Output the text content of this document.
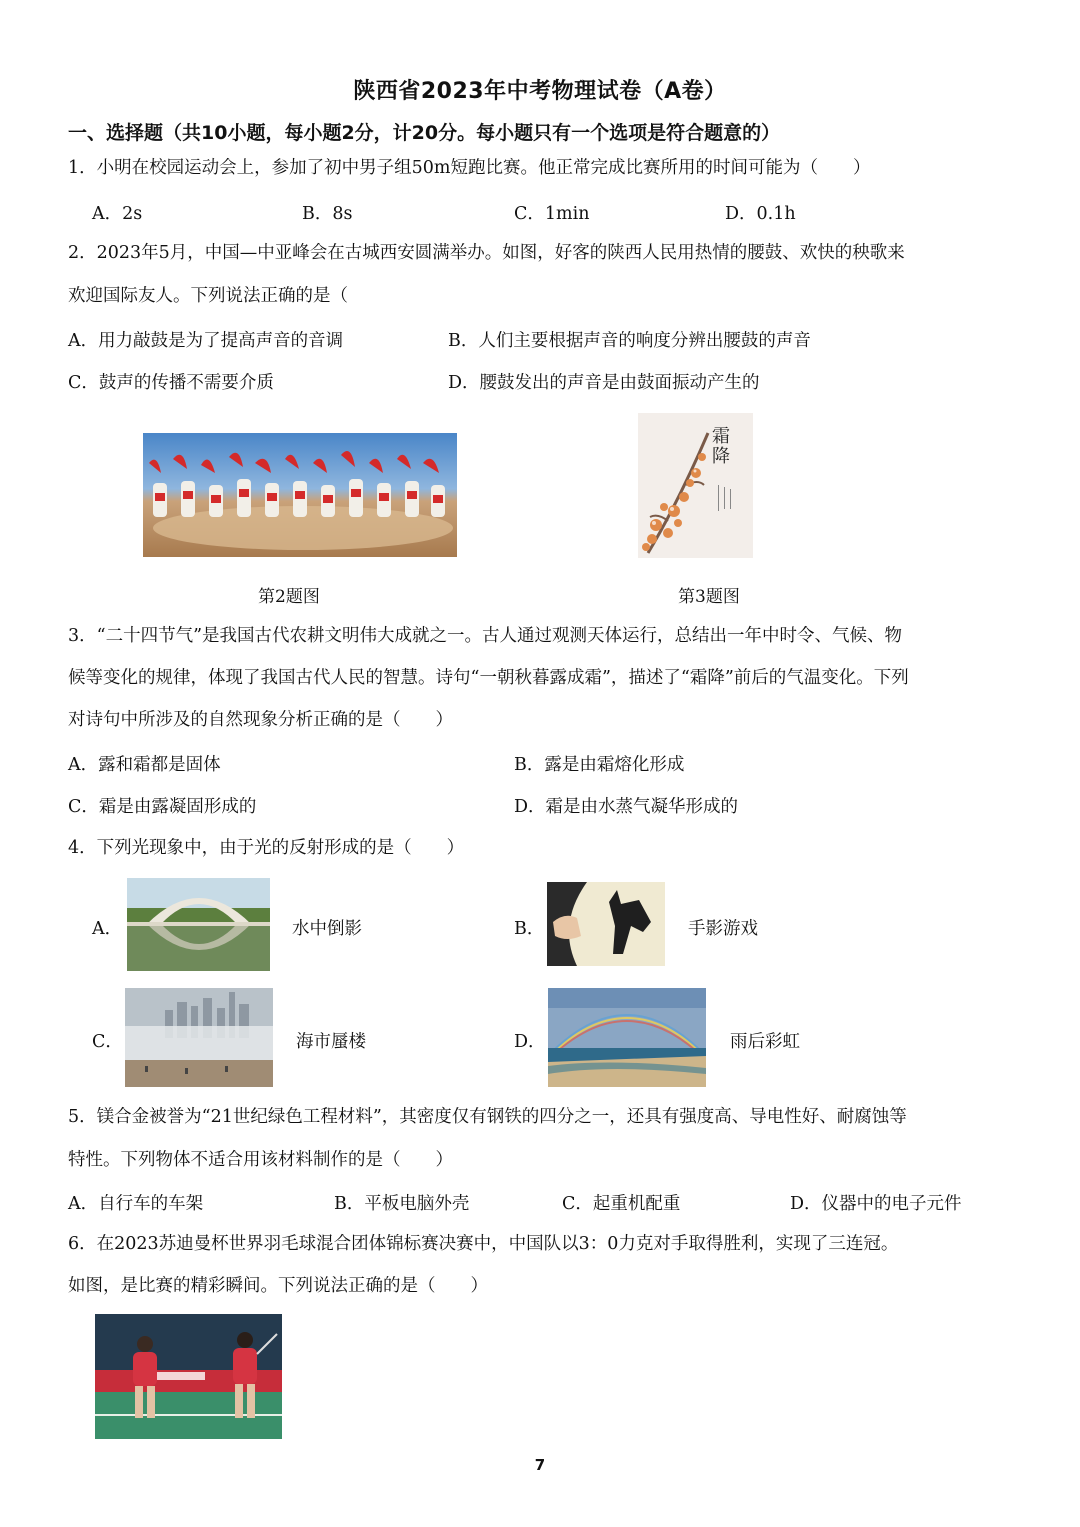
陕西省2023年中考物理试卷（A卷）
一、选择题（共10小题，每小题2分，计20分。每小题只有一个选项是符合题意的）
1．小明在校园运动会上，参加了初中男子组50m短跑比赛。他正常完成比赛所用的时间可能为（　　）
A．2s	B．8s	C．1min	D．0.1h
2．2023年5月，中国—中亚峰会在古城西安圆满举办。如图，好客的陕西人民用热情的腰鼓、欢快的秧歌来
欢迎国际友人。下列说法正确的是（
A．用力敲鼓是为了提高声音的音调	B．人们主要根据声音的响度分辨出腰鼓的声音
C．鼓声的传播不需要介质	D．腰鼓发出的声音是由鼓面振动产生的
第2题图
霜降
第3题图
3．“二十四节气”是我国古代农耕文明伟大成就之一。古人通过观测天体运行，总结出一年中时令、气候、物
候等变化的规律，体现了我国古代人民的智慧。诗句“一朝秋暮露成霜”，描述了“霜降”前后的气温变化。下列
对诗句中所涉及的自然现象分析正确的是（　　）
A．露和霜都是固体	B．露是由霜熔化形成
C．霜是由露凝固形成的	D．霜是由水蒸气凝华形成的
4．下列光现象中，由于光的反射形成的是（　　）
A．	水中倒影	B．	手影游戏
C．	海市蜃楼	D．	雨后彩虹
5．镁合金被誉为“21世纪绿色工程材料”，其密度仅有钢铁的四分之一，还具有强度高、导电性好、耐腐蚀等
特性。下列物体不适合用该材料制作的是（　　）
A．自行车的车架	B．平板电脑外壳	C．起重机配重	D．仪器中的电子元件
6．在2023苏迪曼杯世界羽毛球混合团体锦标赛决赛中，中国队以3：0力克对手取得胜利，实现了三连冠。
如图，是比赛的精彩瞬间。下列说法正确的是（　　）
7
